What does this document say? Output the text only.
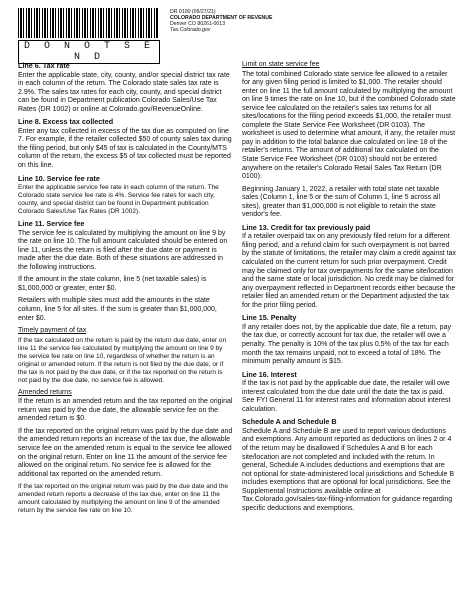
D O N O T S E N D
DR 0100 (09/27/21)
COLORADO DEPARTMENT OF REVENUE
Denver CO 80261-0013
Tax.Colorado.gov
Line 6. Tax rate

Enter the applicable state, city, county, and/or special district tax rate in each column of the return. The Colorado state sales tax rate is 2.9%. The sales tax rates for each city, county, and special district can be found in Department publication Colorado Sales/Use Tax Rates (DR 1002) or online at Colorado.gov/RevenueOnline.

Line 8. Excess tax collected

Enter any tax collected in excess of the tax due as computed on line 7. For example, if the retailer collected $50 of county sales tax during the filing period, but only $45 of tax is calculated in the County/MTS column of the return, the excess $5 of tax collected must be reported on this line.

Line 10. Service fee rate

Enter the applicable service fee rate in each column of the return. The Colorado state service fee rate is 4%. Service fee rates for each city, county, and special district can be found in Department publication Colorado Sales/Use Tax Rates (DR 1002).

Line 11. Service fee

The service fee is calculated by multiplying the amount on line 9 by the rate on line 10. The full amount calculated should be entered on line 11, unless the return is filed after the due date or payment is made after the due date. Both of these situations are addressed in the following instructions.

If the amount in the state column, line 5 (net taxable sales) is $1,000,000 or greater, enter $0.

Retailers with multiple sites must add the amounts in the state column, line 5 for all sites. If the sum is greater than $1,000,000, enter $0.

Timely payment of tax

If the tax calculated on the return is paid by the return due date, enter on line 11 the service fee calculated by multiplying the amount on line 9 by the service fee rate on line 10, regardless of whether the return is an original or amended return. If the return is not filed by the due date, or if the tax is not paid by the due date, or if the tax reported on the return is not paid by the due date, no service fee is allowed.

Amended returns

If the return is an amended return and the tax reported on the original return was paid by the due date, the allowable service fee on the amended return is $0.

If the tax reported on the original return was paid by the due date and the amended return reports an increase of the tax due, the allowable service fee on the amended return is equal to the service fee allowed on the original return. Enter on line 11 the amount of the service fee allowed on the original return. No service fee is allowed for the additional tax reported on the amended return.

If the tax reported on the original return was paid by the due date and the amended return reports a decrease of the tax due, enter on line 11 the amount calculated by multiplying the amount on line 9 of the amended return by the service fee rate on line 10.

Limit on state service fee

The total combined Colorado state service fee allowed to a retailer for any given filing period is limited to $1,000. The retailer should enter on line 11 the full amount calculated by multiplying the amount on line 9 times the rate on line 10, but if the combined Colorado state service fee calculated on the retailer's sales tax returns for all sites/locations for the filing period exceeds $1,000, the retailer must complete the State Service Fee Worksheet (DR 0103). The worksheet is used to determine what amount, if any, the retailer must pay in addition to the total balance due calculated on line 18 of the retailer's returns. The amount of additional tax calculated on the State Service Fee Worksheet (DR 0103) should not be entered anywhere on the retailer's Colorado Retail Sales Tax Return (DR 0100).

Beginning January 1, 2022, a retailer with total state net taxable sales (Column 1, line 5 or the sum of Column 1, line 5 across all sites), greater than $1,000,000 is not eligible to retain the state vendor's fee.

Line 13. Credit for tax previously paid

If a retailer overpaid tax on any previously filed return for a different filing period, and a refund claim for such overpayment is not barred by the statute of limitations, the retailer may claim a credit against tax calculated on the current return for such prior overpayment. Credit may be claimed only for tax overpayments for the same site/location and the same state or local jurisdiction. No credit may be claimed for any overpayment reflected in Department records either because the retailer filed an amended return or the Department adjusted the tax for the prior filing period.

Line 15. Penalty

If any retailer does not, by the applicable due date, file a return, pay the tax due, or correctly account for tax due, the retailer will owe a penalty. The penalty is 10% of the tax plus 0.5% of the tax for each month the tax remains unpaid, not to exceed a total of 18%. The minimum penalty amount is $15.

Line 16. Interest

If the tax is not paid by the applicable due date, the retailer will owe interest calculated from the due date until the date the tax is paid. See FYI General 11 for interest rates and information about interest calculation.

Schedule A and Schedule B

Schedule A and Schedule B are used to report various deductions and exemptions. Any amount reported as deductions on lines 2 or 4 of the return may be disallowed if Schedules A and B for each site/location are not completed and included with the return. In general, Schedule A includes deductions and exemptions that are not optional for state-administered local jurisdictions and Schedule B includes exemptions that are optional for local jurisdictions. See the Supplemental Instructions available online at Tax.Colorado.gov/sales-tax-filing-information for guidance regarding specific deductions and exemptions.
